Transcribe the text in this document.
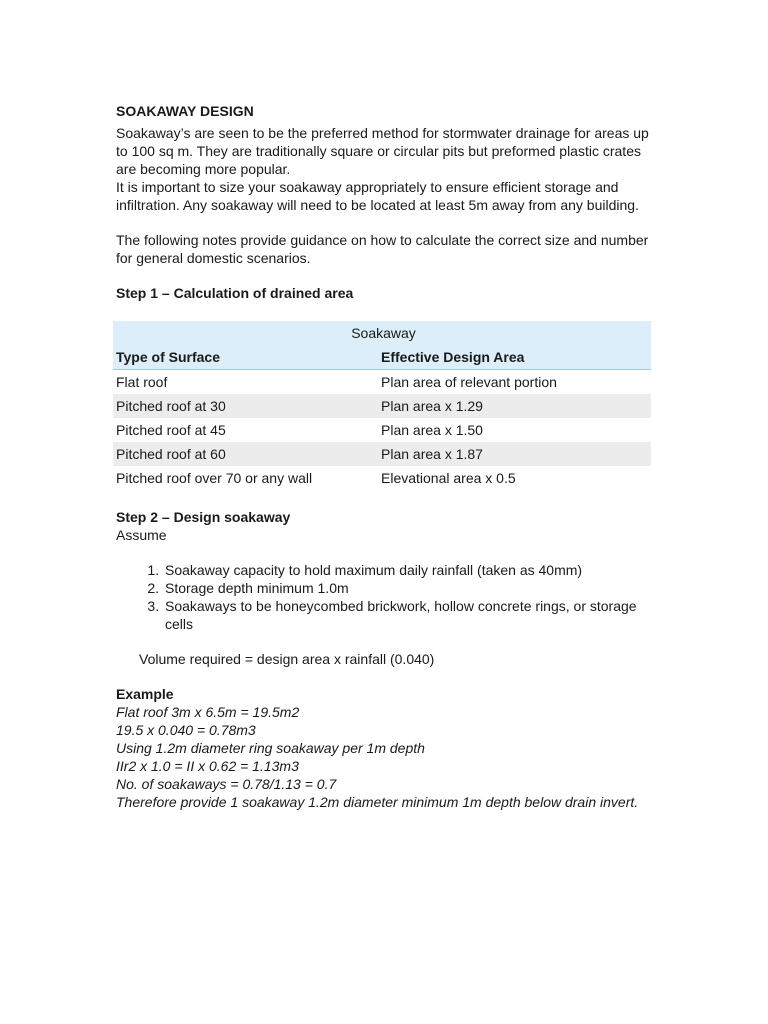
SOAKAWAY DESIGN

Soakaway’s are seen to be the preferred method for stormwater drainage for areas up to 100 sq m. They are traditionally square or circular pits but preformed plastic crates are becoming more popular.

It is important to size your soakaway appropriately to ensure efficient storage and infiltration. Any soakaway will need to be located at least 5m away from any building.

The following notes provide guidance on how to calculate the correct size and number for general domestic scenarios.

Step 1 – Calculation of drained area
Soakaway	
Type of Surface	Effective Design Area
Flat roof	Plan area of relevant portion
Pitched roof at 30	Plan area x 1.29
Pitched roof at 45	Plan area x 1.50
Pitched roof at 60	Plan area x 1.87
Pitched roof over 70 or any wall	Elevational area x 0.5
Step 2 – Design soakaway

Assume

1. Soakaway capacity to hold maximum daily rainfall (taken as 40mm)
2. Storage depth minimum 1.0m
3. Soakaways to be honeycombed brickwork, hollow concrete rings, or storage cells

Volume required = design area x rainfall (0.040)

Example

Flat roof 3m x 6.5m = 19.5m2

19.5 x 0.040 = 0.78m3

Using 1.2m diameter ring soakaway per 1m depth

IIr2 x 1.0 = II x 0.62 = 1.13m3

No. of soakaways = 0.78/1.13 = 0.7

Therefore provide 1 soakaway 1.2m diameter minimum 1m depth below drain invert.
